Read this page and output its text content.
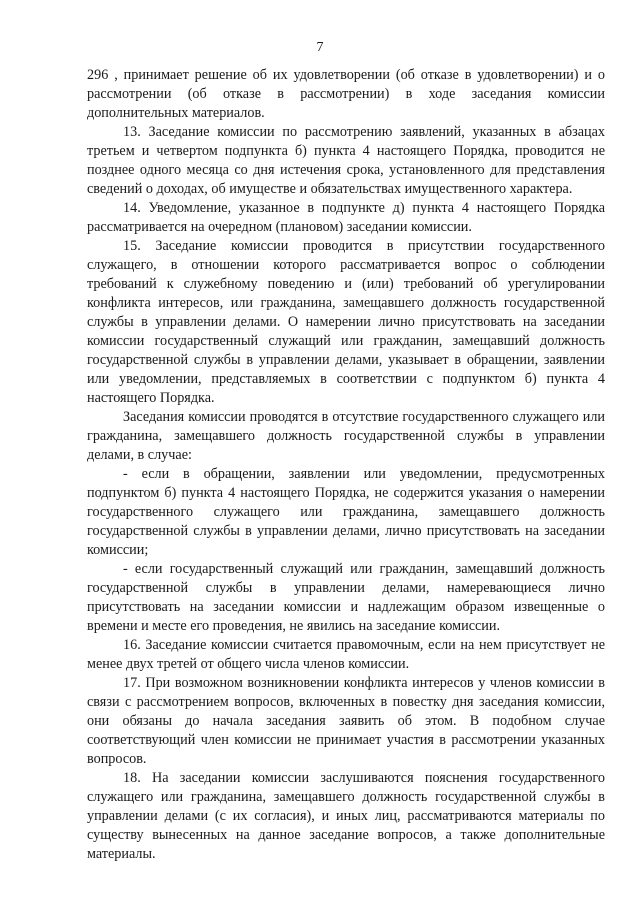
7

296 , принимает решение об их удовлетворении (об отказе в удовлетворении) и о рассмотрении (об отказе в рассмотрении) в ходе заседания комиссии дополнительных материалов.

13. Заседание комиссии по рассмотрению заявлений, указанных в абзацах третьем и четвертом подпункта б) пункта 4 настоящего Порядка, проводится не позднее одного месяца со дня истечения срока, установленного для представления сведений о доходах, об имуществе и обязательствах имущественного характера.

14. Уведомление, указанное в подпункте д) пункта 4 настоящего Порядка рассматривается на очередном (плановом) заседании комиссии.

15. Заседание комиссии проводится в присутствии государственного служащего, в отношении которого рассматривается вопрос о соблюдении требований к служебному поведению и (или) требований об урегулировании конфликта интересов, или гражданина, замещавшего должность государственной службы в управлении делами. О намерении лично присутствовать на заседании комиссии государственный служащий или гражданин, замещавший должность государственной службы в управлении делами, указывает в обращении, заявлении или уведомлении, представляемых в соответствии с подпунктом б) пункта 4 настоящего Порядка.

Заседания комиссии проводятся в отсутствие государственного служащего или гражданина, замещавшего должность государственной службы в управлении делами, в случае:

- если в обращении, заявлении или уведомлении, предусмотренных подпунктом б) пункта 4 настоящего Порядка, не содержится указания о намерении государственного служащего или гражданина, замещавшего должность государственной службы в управлении делами, лично присутствовать на заседании комиссии;

- если государственный служащий или гражданин, замещавший должность государственной службы в управлении делами, намеревающиеся лично присутствовать на заседании комиссии и надлежащим образом извещенные о времени и месте его проведения, не явились на заседание комиссии.

16. Заседание комиссии считается правомочным, если на нем присутствует не менее двух третей от общего числа членов комиссии.

17. При возможном возникновении конфликта интересов у членов комиссии в связи с рассмотрением вопросов, включенных в повестку дня заседания комиссии, они обязаны до начала заседания заявить об этом. В подобном случае соответствующий член комиссии не принимает участия в рассмотрении указанных вопросов.

18. На заседании комиссии заслушиваются пояснения государственного служащего или гражданина, замещавшего должность государственной службы в управлении делами (с их согласия), и иных лиц, рассматриваются материалы по существу вынесенных на данное заседание вопросов, а также дополнительные материалы.
